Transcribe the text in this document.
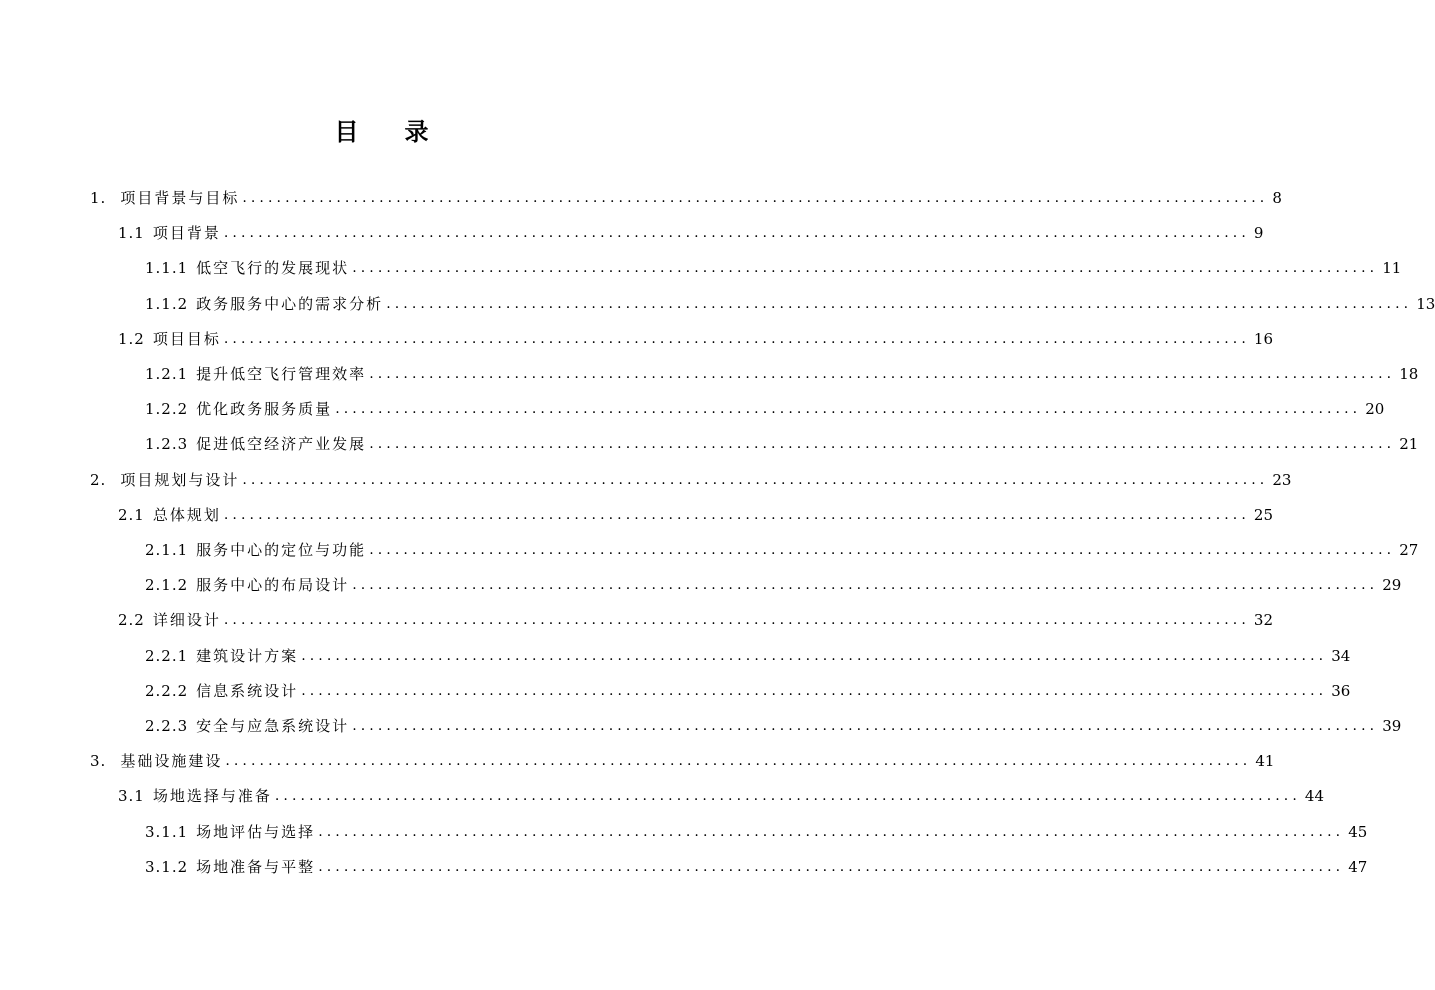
目 录
1. 项目背景与目标 ........................................................................................................................ 8
1.1 项目背景 ........................................................................................................................ 9
1.1.1 低空飞行的发展现状 ........................................................................................................................ 11
1.1.2 政务服务中心的需求分析 ........................................................................................................................ 13
1.2 项目目标 ........................................................................................................................ 16
1.2.1 提升低空飞行管理效率 ........................................................................................................................ 18
1.2.2 优化政务服务质量 ........................................................................................................................ 20
1.2.3 促进低空经济产业发展 ........................................................................................................................ 21
2. 项目规划与设计 ........................................................................................................................ 23
2.1 总体规划 ........................................................................................................................ 25
2.1.1 服务中心的定位与功能 ........................................................................................................................ 27
2.1.2 服务中心的布局设计 ........................................................................................................................ 29
2.2 详细设计 ........................................................................................................................ 32
2.2.1 建筑设计方案 ........................................................................................................................ 34
2.2.2 信息系统设计 ........................................................................................................................ 36
2.2.3 安全与应急系统设计 ........................................................................................................................ 39
3. 基础设施建设 ........................................................................................................................ 41
3.1 场地选择与准备 ........................................................................................................................ 44
3.1.1 场地评估与选择 ........................................................................................................................ 45
3.1.2 场地准备与平整 ........................................................................................................................ 47
